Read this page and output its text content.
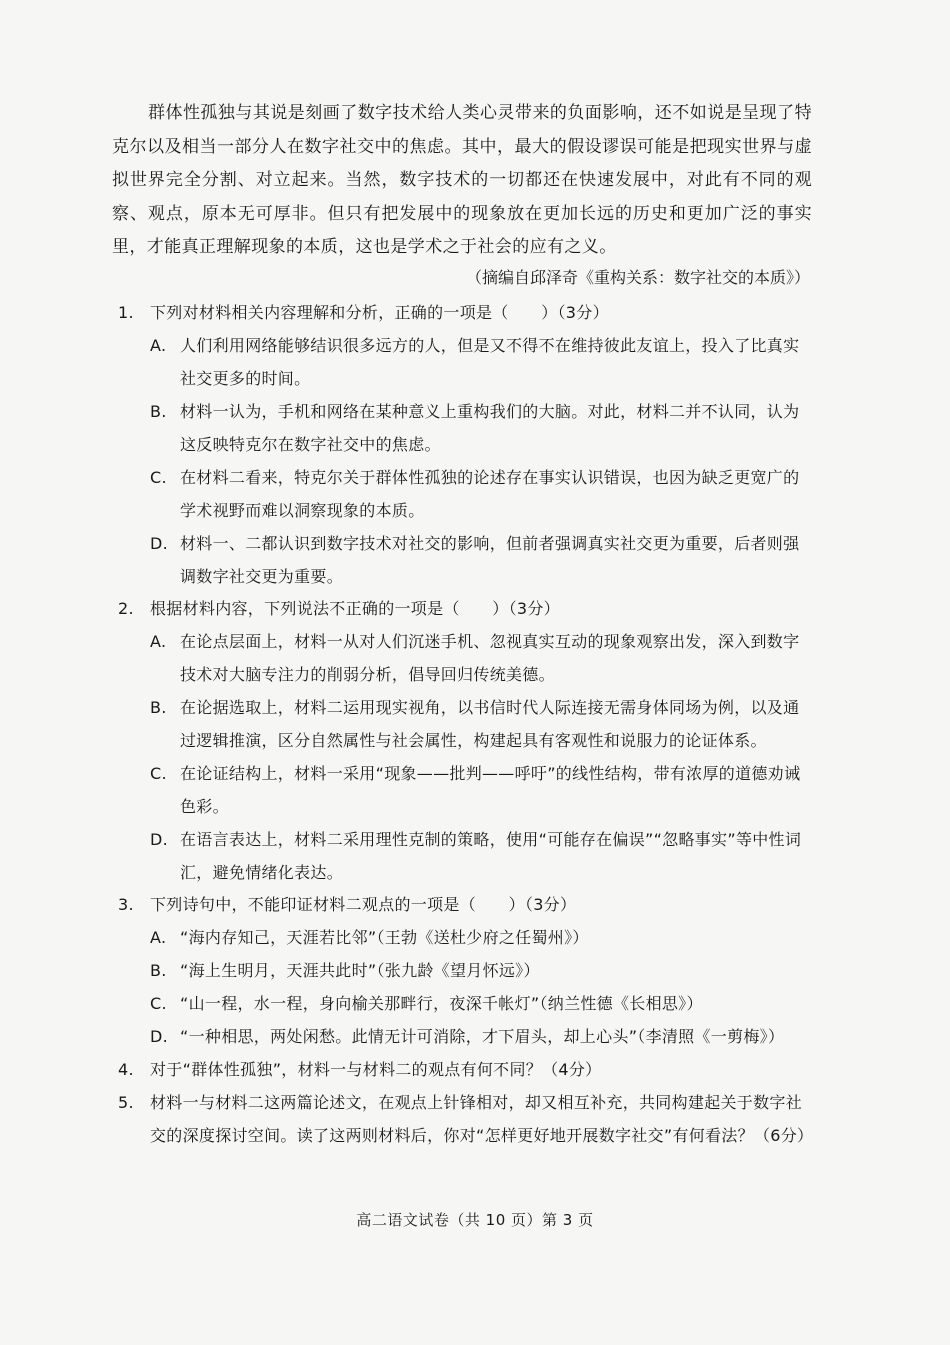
群体性孤独与其说是刻画了数字技术给人类心灵带来的负面影响，还不如说是呈现了特克尔以及相当一部分人在数字社交中的焦虑。其中，最大的假设谬误可能是把现实世界与虚拟世界完全分割、对立起来。当然，数字技术的一切都还在快速发展中，对此有不同的观察、观点，原本无可厚非。但只有把发展中的现象放在更加长远的历史和更加广泛的事实里，才能真正理解现象的本质，这也是学术之于社会的应有之义。
（摘编自邱泽奇《重构关系：数字社交的本质》）
1.	下列对材料相关内容理解和分析，正确的一项是（　　）（3分）
A. 人们利用网络能够结识很多远方的人，但是又不得不在维持彼此友谊上，投入了比真实社交更多的时间。
B. 材料一认为，手机和网络在某种意义上重构我们的大脑。对此，材料二并不认同，认为这反映特克尔在数字社交中的焦虑。
C. 在材料二看来，特克尔关于群体性孤独的论述存在事实认识错误，也因为缺乏更宽广的学术视野而难以洞察现象的本质。
D. 材料一、二都认识到数字技术对社交的影响，但前者强调真实社交更为重要，后者则强调数字社交更为重要。
2.	根据材料内容，下列说法不正确的一项是（　　）（3分）
A. 在论点层面上，材料一从对人们沉迷手机、忽视真实互动的现象观察出发，深入到数字技术对大脑专注力的削弱分析，倡导回归传统美德。
B. 在论据选取上，材料二运用现实视角，以书信时代人际连接无需身体同场为例，以及通过逻辑推演，区分自然属性与社会属性，构建起具有客观性和说服力的论证体系。
C. 在论证结构上，材料一采用“现象——批判——呼吁”的线性结构，带有浓厚的道德劝诫色彩。
D. 在语言表达上，材料二采用理性克制的策略，使用“可能存在偏误”“忽略事实”等中性词汇，避免情绪化表达。
3.	下列诗句中，不能印证材料二观点的一项是（　　）（3分）
A. “海内存知己，天涯若比邻”（王勃《送杜少府之任蜀州》）
B. “海上生明月，天涯共此时”（张九龄《望月怀远》）
C. “山一程，水一程，身向榆关那畔行，夜深千帐灯”（纳兰性德《长相思》）
D. “一种相思，两处闲愁。此情无计可消除，才下眉头，却上心头”（李清照《一剪梅》）
4.	对于“群体性孤独”，材料一与材料二的观点有何不同？（4分）
5.	材料一与材料二这两篇论述文，在观点上针锋相对，却又相互补充，共同构建起关于数字社交的深度探讨空间。读了这两则材料后，你对“怎样更好地开展数字社交”有何看法？（6分）
高二语文试卷（共 10 页）第 3 页
